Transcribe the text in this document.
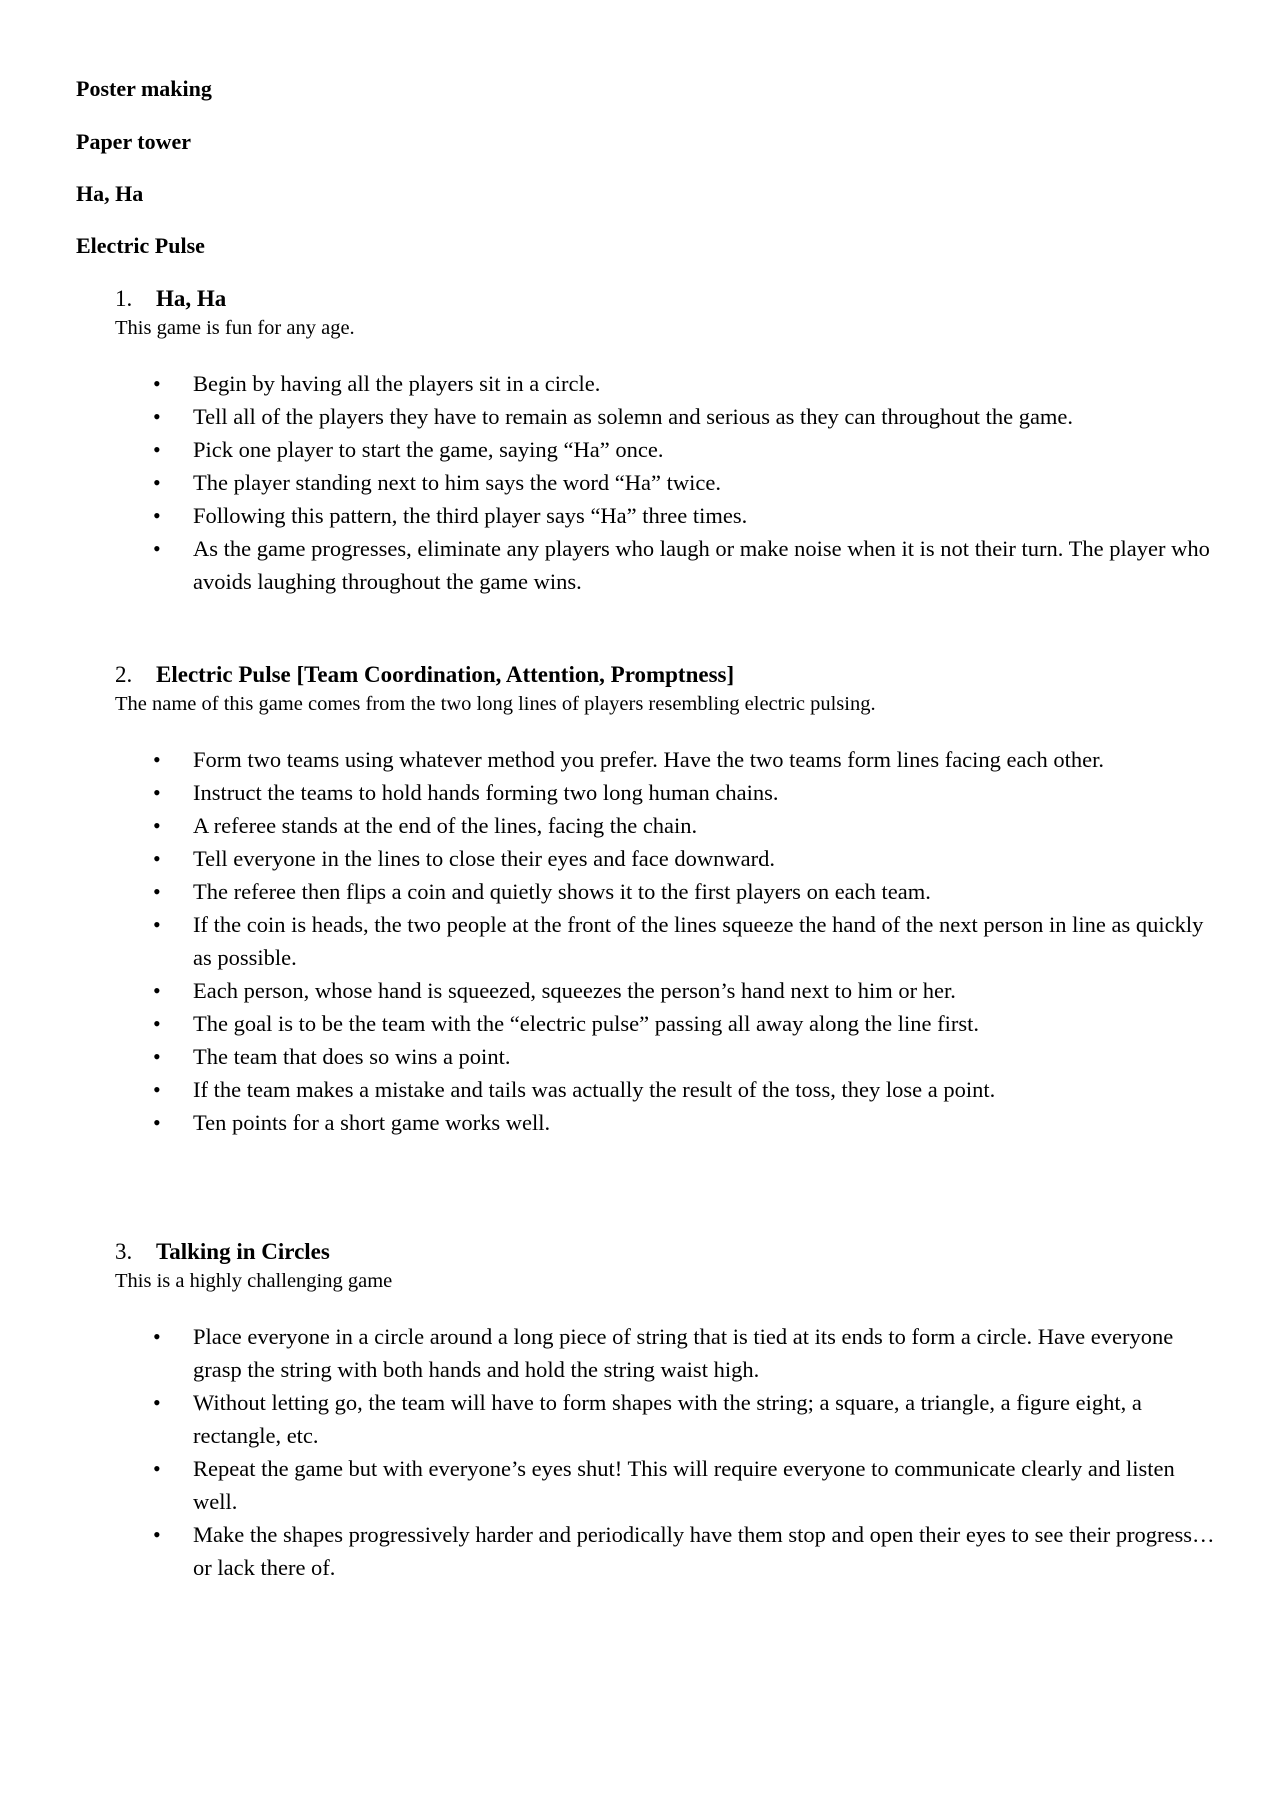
Poster making
Paper tower
Ha, Ha
Electric Pulse
1.	Ha, Ha
This game is fun for any age.
• Begin by having all the players sit in a circle.
• Tell all of the players they have to remain as solemn and serious as they can throughout the game.
• Pick one player to start the game, saying “Ha” once.
• The player standing next to him says the word “Ha” twice.
• Following this pattern, the third player says “Ha” three times.
• As the game progresses, eliminate any players who laugh or make noise when it is not their turn. The player who avoids laughing throughout the game wins.
2.	Electric Pulse [Team Coordination, Attention, Promptness]
The name of this game comes from the two long lines of players resembling electric pulsing.
• Form two teams using whatever method you prefer. Have the two teams form lines facing each other.
• Instruct the teams to hold hands forming two long human chains.
• A referee stands at the end of the lines, facing the chain.
• Tell everyone in the lines to close their eyes and face downward.
• The referee then flips a coin and quietly shows it to the first players on each team.
• If the coin is heads, the two people at the front of the lines squeeze the hand of the next person in line as quickly as possible.
• Each person, whose hand is squeezed, squeezes the person’s hand next to him or her.
• The goal is to be the team with the “electric pulse” passing all away along the line first.
• The team that does so wins a point.
• If the team makes a mistake and tails was actually the result of the toss, they lose a point.
• Ten points for a short game works well.
3.	Talking in Circles
This is a highly challenging game
• Place everyone in a circle around a long piece of string that is tied at its ends to form a circle. Have everyone grasp the string with both hands and hold the string waist high.
• Without letting go, the team will have to form shapes with the string; a square, a triangle, a figure eight, a rectangle, etc.
• Repeat the game but with everyone’s eyes shut! This will require everyone to communicate clearly and listen well.
• Make the shapes progressively harder and periodically have them stop and open their eyes to see their progress…or lack there of.
